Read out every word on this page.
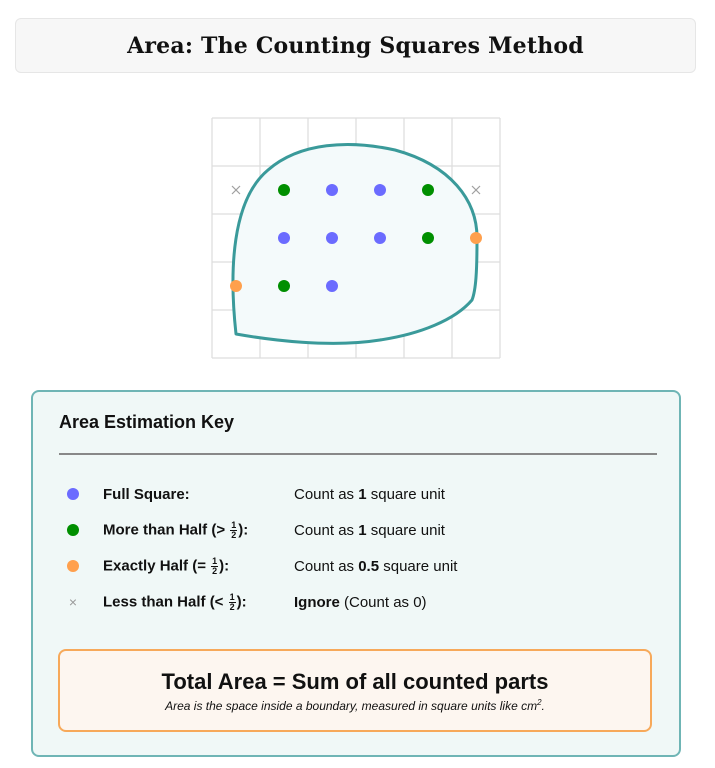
Area: The Counting Squares Method
Area Estimation Key
Full Square:	Count as 1 square unit
More than Half (> $\frac{1}{2}$ ):	Count as 1 square unit
Exactly Half (= $\frac{1}{2}$ ):	Count as 0.5 square unit
× Less than Half (< $\frac{1}{2}$ ):	Ignore (Count as 0)
Total Area = Sum of all counted parts
Area is the space inside a boundary, measured in square units like $cm^2$.
